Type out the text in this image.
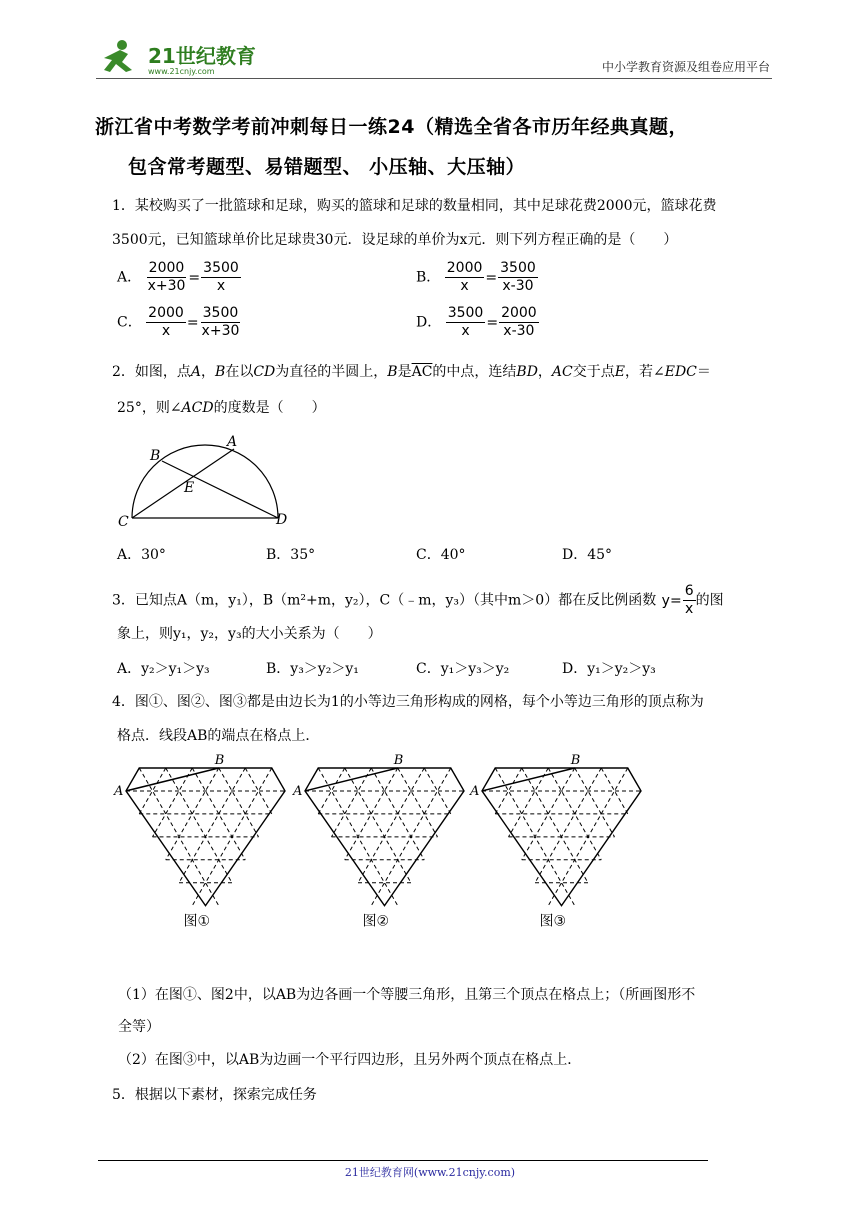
21世纪教育
www.21cnjy.com	中小学教育资源及组卷应用平台
浙江省中考数学考前冲刺每日一练24（精选全省各市历年经典真题，
包含常考题型、易错题型、 小压轴、大压轴）
1．某校购买了一批篮球和足球，购买的篮球和足球的数量相同，其中足球花费2000元，篮球花费
3500元，已知篮球单价比足球贵30元．设足球的单价为x元．则下列方程正确的是（　　）
A． $\frac{2000}{x+30} = \frac{3500}{x}$	B． $\frac{2000}{x} = \frac{3500}{x-30}$
C． $\frac{2000}{x} = \frac{3500}{x+30}$	D． $\frac{3500}{x} = \frac{2000}{x-30}$
2．如图，点A，B在以CD为直径的半圆上，B是$\overline{AC}$的中点，连结BD，AC交于点E，若∠EDC＝
25°，则∠ACD的度数是（　　）
A
B
C	D
E
A．30°	B．35°	C．40°	D．45°
3．已知点A（m，y₁），B（m²+m，y₂），C（﹣m，y₃）（其中m＞0）都在反比例函数 $y= \frac{6}{x}$ 的图
象上，则y₁，y₂，y₃的大小关系为（　　）
A．y₂＞y₁＞y₃	B．y₃＞y₂＞y₁	C．y₁＞y₃＞y₂	D．y₁＞y₂＞y₃
4．图①、图②、图③都是由边长为1的小等边三角形构成的网格，每个小等边三角形的顶点称为
格点．线段AB的端点在格点上．
A
B
图①
A
B
图②
A
B
图③
（1）在图①、图2中，以AB为边各画一个等腰三角形，且第三个顶点在格点上；（所画图形不
全等）
（2）在图③中，以AB为边画一个平行四边形，且另外两个顶点在格点上．
5．根据以下素材，探索完成任务
21世纪教育网(www.21cnjy.com)
